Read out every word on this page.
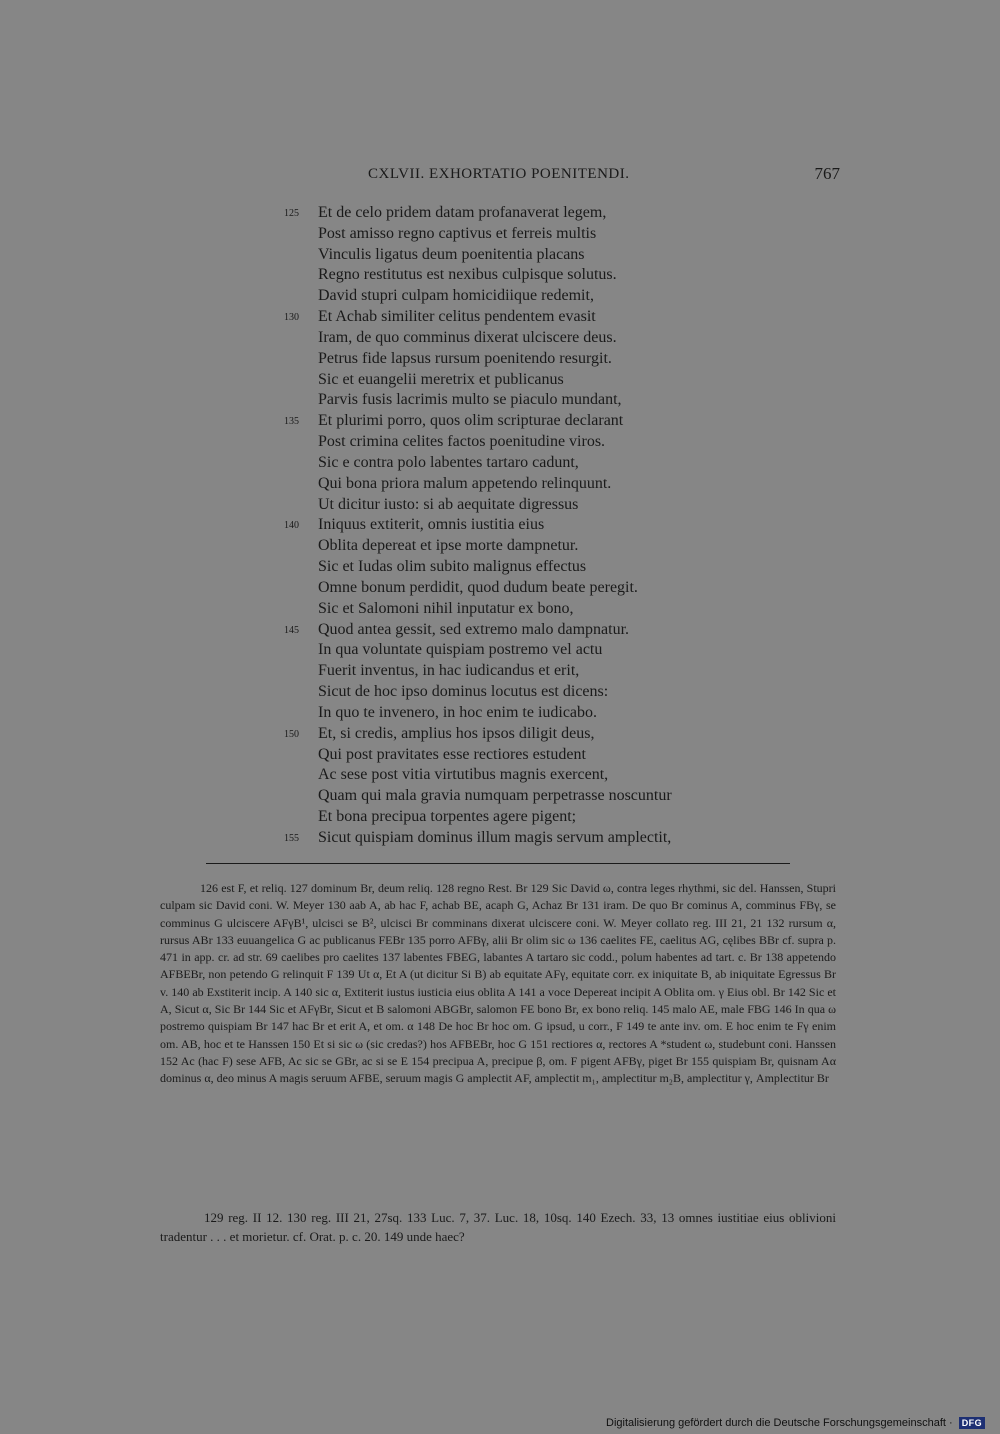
CXLVII. EXHORTATIO POENITENDI.	767
125	Et de celo pridem datam profanaverat legem,
Post amisso regno captivus et ferreis multis
Vinculis ligatus deum poenitentia placans
Regno restitutus est nexibus culpisque solutus.
David stupri culpam homicidiique redemit,
130	Et Achab similiter celitus pendentem evasit
Iram, de quo comminus dixerat ulciscere deus.
Petrus fide lapsus rursum poenitendo resurgit.
Sic et euangelii meretrix et publicanus
Parvis fusis lacrimis multo se piaculo mundant,
135	Et plurimi porro, quos olim scripturae declarant
Post crimina celites factos poenitudine viros.
Sic e contra polo labentes tartaro cadunt,
Qui bona priora malum appetendo relinquunt.
Ut dicitur iusto: si ab aequitate digressus
140	Iniquus extiterit, omnis iustitia eius
Oblita depereat et ipse morte dampnetur.
Sic et Iudas olim subito malignus effectus
Omne bonum perdidit, quod dudum beate peregit.
Sic et Salomoni nihil inputatur ex bono,
145	Quod antea gessit, sed extremo malo dampnatur.
In qua voluntate quispiam postremo vel actu
Fuerit inventus, in hac iudicandus et erit,
Sicut de hoc ipso dominus locutus est dicens:
In quo te invenero, in hoc enim te iudicabo.
150	Et, si credis, amplius hos ipsos diligit deus,
Qui post pravitates esse rectiores estudent
Ac sese post vitia virtutibus magnis exercent,
Quam qui mala gravia numquam perpetrasse noscuntur
Et bona precipua torpentes agere pigent;
155	Sicut quispiam dominus illum magis servum amplectit,

126 est F, et reliq. 127 dominum Br, deum reliq. 128 regno Rest. Br 129 Sic David ω, contra leges rhythmi, sic del. Hanssen, Stupri culpam sic David coni. W. Meyer 130 aab A, ab hac F, achab BE, acaph G, Achaz Br 131 iram. De quo Br cominus A, comminus FBγ, se comminus G ulciscere AFγB¹, ulcisci se B², ulcisci Br comminans dixerat ulciscere coni. W. Meyer collato reg. III 21, 21 132 rursum α, rursus ABr 133 euuangelica G ac publicanus FEBr 135 porro AFBγ, alii Br olim sic ω 136 caelites FE, caelitus AG, cęlibes BBr cf. supra p. 471 in app. cr. ad str. 69 caelibes pro caelites 137 labentes FBEG, labantes A tartaro sic codd., polum habentes ad tart. c. Br 138 appetendo AFBEBr, non petendo G relinquit F 139 Ut α, Et A (ut dicitur Si B) ab equitate AFγ, equitate corr. ex iniquitate B, ab iniquitate Egressus Br v. 140 ab Exstiterit incip. A 140 sic α, Extiterit iustus iusticia eius oblita A 141 a voce Depereat incipit A Oblita om. γ Eius obl. Br 142 Sic et A, Sicut α, Sic Br 144 Sic et AFγBr, Sicut et B salomoni ABGBr, salomon FE bono Br, ex bono reliq. 145 malo AE, male FBG 146 In qua ω postremo quispiam Br 147 hac Br et erit A, et om. α 148 De hoc Br hoc om. G ipsud, u corr., F 149 te ante inv. om. E hoc enim te Fγ enim om. AB, hoc et te Hanssen 150 Et si sic ω (sic credas?) hos AFBEBr, hoc G 151 rectiores α, rectores A *student ω, studebunt coni. Hanssen 152 Ac (hac F) sese AFB, Ac sic se GBr, ac si se E 154 precipua A, precipue β, om. F pigent AFBγ, piget Br 155 quispiam Br, quisnam Aα dominus α, deo minus A magis seruum AFBE, seruum magis G amplectit AF, amplectit m₁, amplectitur m₂B, amplectitur γ, Amplectitur Br

129 reg. II 12. 130 reg. III 21, 27sq. 133 Luc. 7, 37. Luc. 18, 10sq. 140 Ezech. 33, 13 omnes iustitiae eius oblivioni tradentur . . . et morietur. cf. Orat. p. c. 20. 149 unde haec?

Digitalisierung gefördert durch die Deutsche Forschungsgemeinschaft ·	DFG
